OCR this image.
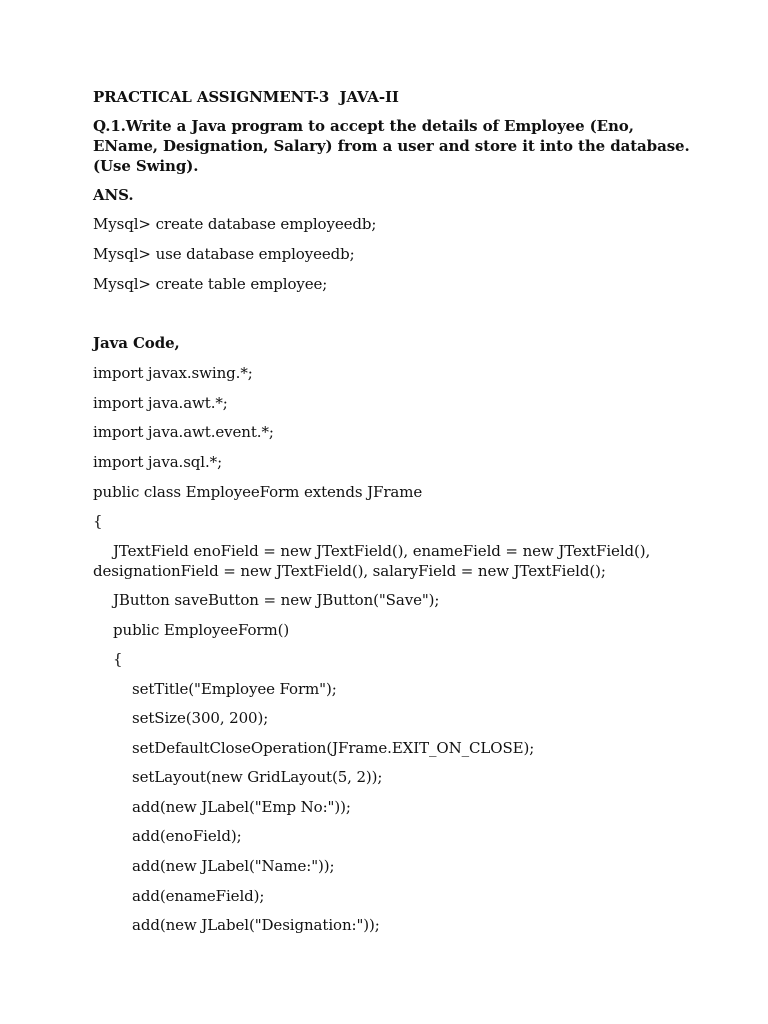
PRACTICAL ASSIGNMENT-3  JAVA-II
Q.1.Write a Java program to accept the details of Employee (Eno,
EName, Designation, Salary) from a user and store it into the database.
(Use Swing).
ANS.
Mysql> create database employeedb;
Mysql> use database employeedb;
Mysql> create table employee;
Java Code,
import javax.swing.*;
import java.awt.*;
import java.awt.event.*;
import java.sql.*;
public class EmployeeForm extends JFrame
{
JTextField enoField = new JTextField(), enameField = new JTextField(),
designationField = new JTextField(), salaryField = new JTextField();
JButton saveButton = new JButton("Save");
public EmployeeForm()
{
setTitle("Employee Form");
setSize(300, 200);
setDefaultCloseOperation(JFrame.EXIT_ON_CLOSE);
setLayout(new GridLayout(5, 2));
add(new JLabel("Emp No:"));
add(enoField);
add(new JLabel("Name:"));
add(enameField);
add(new JLabel("Designation:"));
